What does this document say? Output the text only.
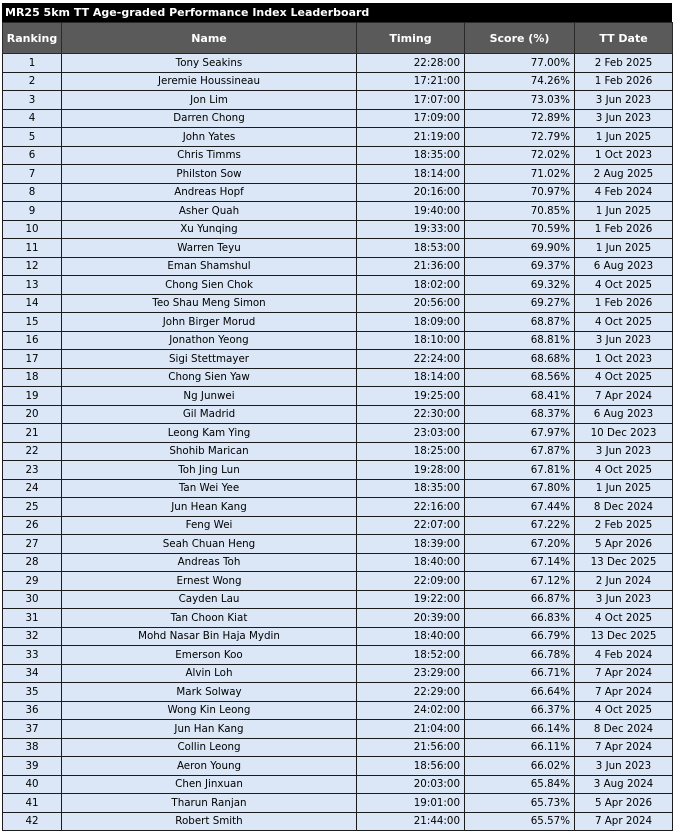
MR25 5km TT Age-graded Performance Index Leaderboard
Ranking	Name	Timing	Score (%)	TT Date
1	Tony Seakins	22:28:00	77.00%	2 Feb 2025
2	Jeremie Houssineau	17:21:00	74.26%	1 Feb 2026
3	Jon Lim	17:07:00	73.03%	3 Jun 2023
4	Darren Chong	17:09:00	72.89%	3 Jun 2023
5	John Yates	21:19:00	72.79%	1 Jun 2025
6	Chris Timms	18:35:00	72.02%	1 Oct 2023
7	Philston Sow	18:14:00	71.02%	2 Aug 2025
8	Andreas Hopf	20:16:00	70.97%	4 Feb 2024
9	Asher Quah	19:40:00	70.85%	1 Jun 2025
10	Xu Yunqing	19:33:00	70.59%	1 Feb 2026
11	Warren Teyu	18:53:00	69.90%	1 Jun 2025
12	Eman Shamshul	21:36:00	69.37%	6 Aug 2023
13	Chong Sien Chok	18:02:00	69.32%	4 Oct 2025
14	Teo Shau Meng Simon	20:56:00	69.27%	1 Feb 2026
15	John Birger Morud	18:09:00	68.87%	4 Oct 2025
16	Jonathon Yeong	18:10:00	68.81%	3 Jun 2023
17	Sigi Stettmayer	22:24:00	68.68%	1 Oct 2023
18	Chong Sien Yaw	18:14:00	68.56%	4 Oct 2025
19	Ng Junwei	19:25:00	68.41%	7 Apr 2024
20	Gil Madrid	22:30:00	68.37%	6 Aug 2023
21	Leong Kam Ying	23:03:00	67.97%	10 Dec 2023
22	Shohib Marican	18:25:00	67.87%	3 Jun 2023
23	Toh Jing Lun	19:28:00	67.81%	4 Oct 2025
24	Tan Wei Yee	18:35:00	67.80%	1 Jun 2025
25	Jun Hean Kang	22:16:00	67.44%	8 Dec 2024
26	Feng Wei	22:07:00	67.22%	2 Feb 2025
27	Seah Chuan Heng	18:39:00	67.20%	5 Apr 2026
28	Andreas Toh	18:40:00	67.14%	13 Dec 2025
29	Ernest Wong	22:09:00	67.12%	2 Jun 2024
30	Cayden Lau	19:22:00	66.87%	3 Jun 2023
31	Tan Choon Kiat	20:39:00	66.83%	4 Oct 2025
32	Mohd Nasar Bin Haja Mydin	18:40:00	66.79%	13 Dec 2025
33	Emerson Koo	18:52:00	66.78%	4 Feb 2024
34	Alvin Loh	23:29:00	66.71%	7 Apr 2024
35	Mark Solway	22:29:00	66.64%	7 Apr 2024
36	Wong Kin Leong	24:02:00	66.37%	4 Oct 2025
37	Jun Han Kang	21:04:00	66.14%	8 Dec 2024
38	Collin Leong	21:56:00	66.11%	7 Apr 2024
39	Aeron Young	18:56:00	66.02%	3 Jun 2023
40	Chen Jinxuan	20:03:00	65.84%	3 Aug 2024
41	Tharun Ranjan	19:01:00	65.73%	5 Apr 2026
42	Robert Smith	21:44:00	65.57%	7 Apr 2024
